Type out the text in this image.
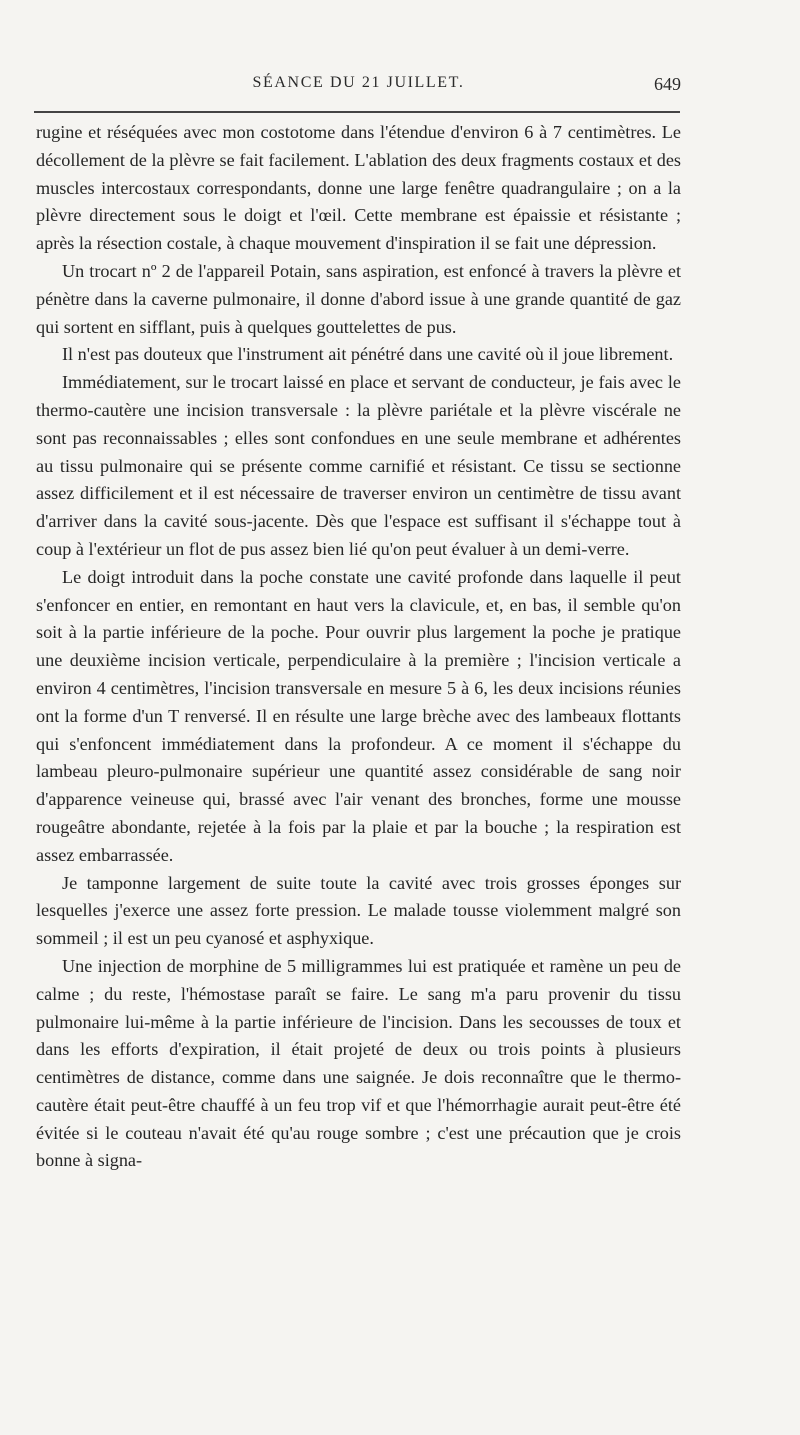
SÉANCE DU 21 JUILLET.	649

rugine et réséquées avec mon costotome dans l'étendue d'environ 6 à 7 centimètres. Le décollement de la plèvre se fait facilement. L'ablation des deux fragments costaux et des muscles intercostaux correspondants, donne une large fenêtre quadrangulaire ; on a la plèvre directement sous le doigt et l'œil. Cette membrane est épaissie et résistante ; après la résection costale, à chaque mouvement d'inspiration il se fait une dépression.

Un trocart nº 2 de l'appareil Potain, sans aspiration, est enfoncé à travers la plèvre et pénètre dans la caverne pulmonaire, il donne d'abord issue à une grande quantité de gaz qui sortent en sifflant, puis à quelques gouttelettes de pus.

Il n'est pas douteux que l'instrument ait pénétré dans une cavité où il joue librement.

Immédiatement, sur le trocart laissé en place et servant de conducteur, je fais avec le thermo-cautère une incision transversale : la plèvre pariétale et la plèvre viscérale ne sont pas reconnaissables ; elles sont confondues en une seule membrane et adhérentes au tissu pulmonaire qui se présente comme carnifié et résistant. Ce tissu se sectionne assez difficilement et il est nécessaire de traverser environ un centimètre de tissu avant d'arriver dans la cavité sous-jacente. Dès que l'espace est suffisant il s'échappe tout à coup à l'extérieur un flot de pus assez bien lié qu'on peut évaluer à un demi-verre.

Le doigt introduit dans la poche constate une cavité profonde dans laquelle il peut s'enfoncer en entier, en remontant en haut vers la clavicule, et, en bas, il semble qu'on soit à la partie inférieure de la poche. Pour ouvrir plus largement la poche je pratique une deuxième incision verticale, perpendiculaire à la première ; l'incision verticale a environ 4 centimètres, l'incision transversale en mesure 5 à 6, les deux incisions réunies ont la forme d'un T renversé. Il en résulte une large brèche avec des lambeaux flottants qui s'enfoncent immédiatement dans la profondeur. A ce moment il s'échappe du lambeau pleuro-pulmonaire supérieur une quantité assez considérable de sang noir d'apparence veineuse qui, brassé avec l'air venant des bronches, forme une mousse rougeâtre abondante, rejetée à la fois par la plaie et par la bouche ; la respiration est assez embarrassée.

Je tamponne largement de suite toute la cavité avec trois grosses éponges sur lesquelles j'exerce une assez forte pression. Le malade tousse violemment malgré son sommeil ; il est un peu cyanosé et asphyxique.

Une injection de morphine de 5 milligrammes lui est pratiquée et ramène un peu de calme ; du reste, l'hémostase paraît se faire. Le sang m'a paru provenir du tissu pulmonaire lui-même à la partie inférieure de l'incision. Dans les secousses de toux et dans les efforts d'expiration, il était projeté de deux ou trois points à plusieurs centimètres de distance, comme dans une saignée. Je dois reconnaître que le thermo-cautère était peut-être chauffé à un feu trop vif et que l'hémorrhagie aurait peut-être été évitée si le couteau n'avait été qu'au rouge sombre ; c'est une précaution que je crois bonne à signa-
